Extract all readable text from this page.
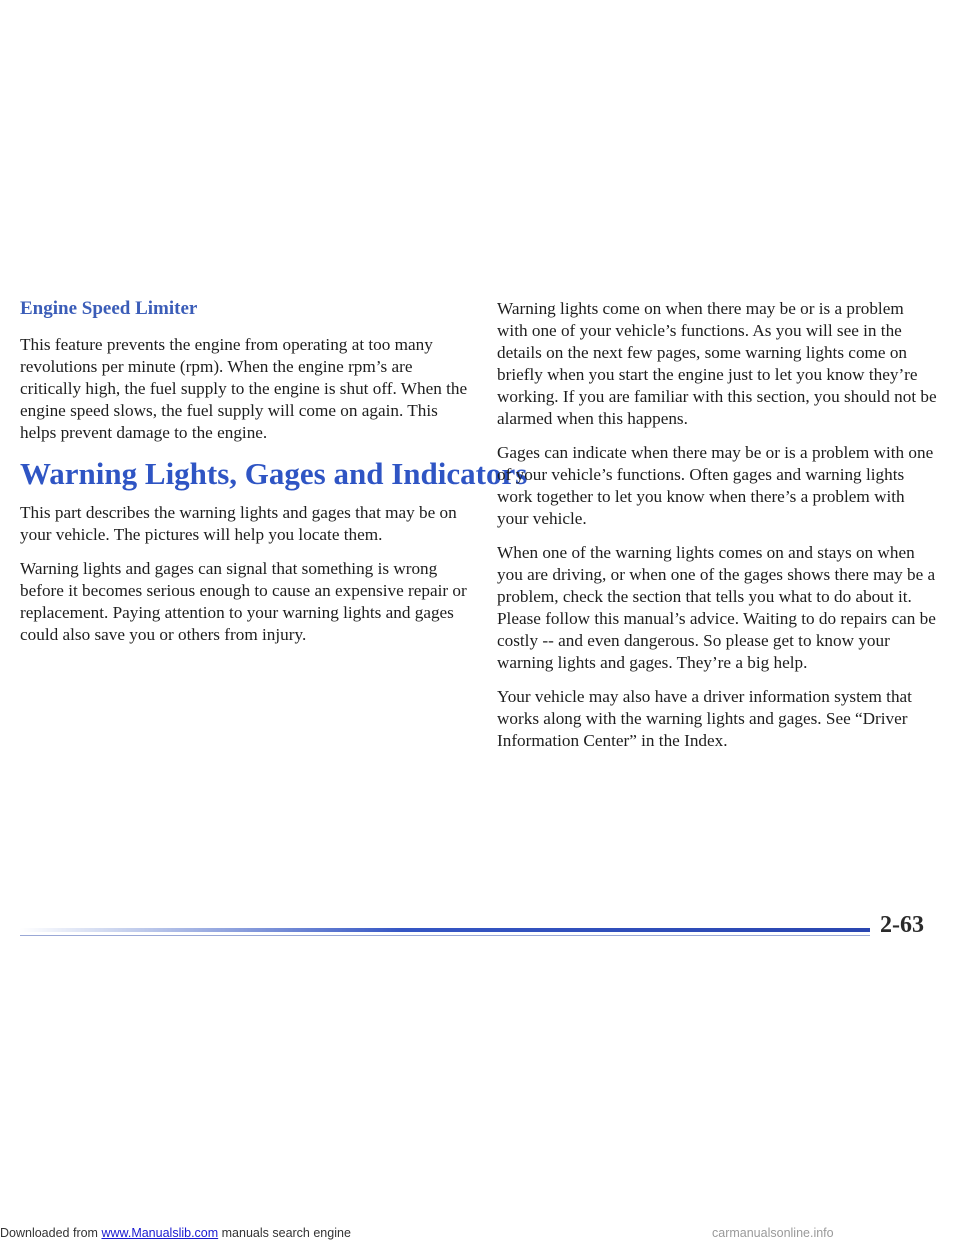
Engine Speed Limiter

This feature prevents the engine from operating at too many revolutions per minute (rpm). When the engine rpm’s are critically high, the fuel supply to the engine is shut off. When the engine speed slows, the fuel supply will come on again. This helps prevent damage to the engine.

Warning Lights, Gages and Indicators

This part describes the warning lights and gages that may be on your vehicle. The pictures will help you locate them.

Warning lights and gages can signal that something is wrong before it becomes serious enough to cause an expensive repair or replacement. Paying attention to your warning lights and gages could also save you or others from injury.

Warning lights come on when there may be or is a problem with one of your vehicle’s functions. As you will see in the details on the next few pages, some warning lights come on briefly when you start the engine just to let you know they’re working. If you are familiar with this section, you should not be alarmed when this happens.

Gages can indicate when there may be or is a problem with one of your vehicle’s functions. Often gages and warning lights work together to let you know when there’s a problem with your vehicle.

When one of the warning lights comes on and stays on when you are driving, or when one of the gages shows there may be a problem, check the section that tells you what to do about it. Please follow this manual’s advice. Waiting to do repairs can be costly -- and even dangerous. So please get to know your warning lights and gages. They’re a big help.

Your vehicle may also have a driver information system that works along with the warning lights and gages. See “Driver Information Center” in the Index.

2-63
Downloaded from www.Manualslib.com manuals search engine	carmanualsonline.info
